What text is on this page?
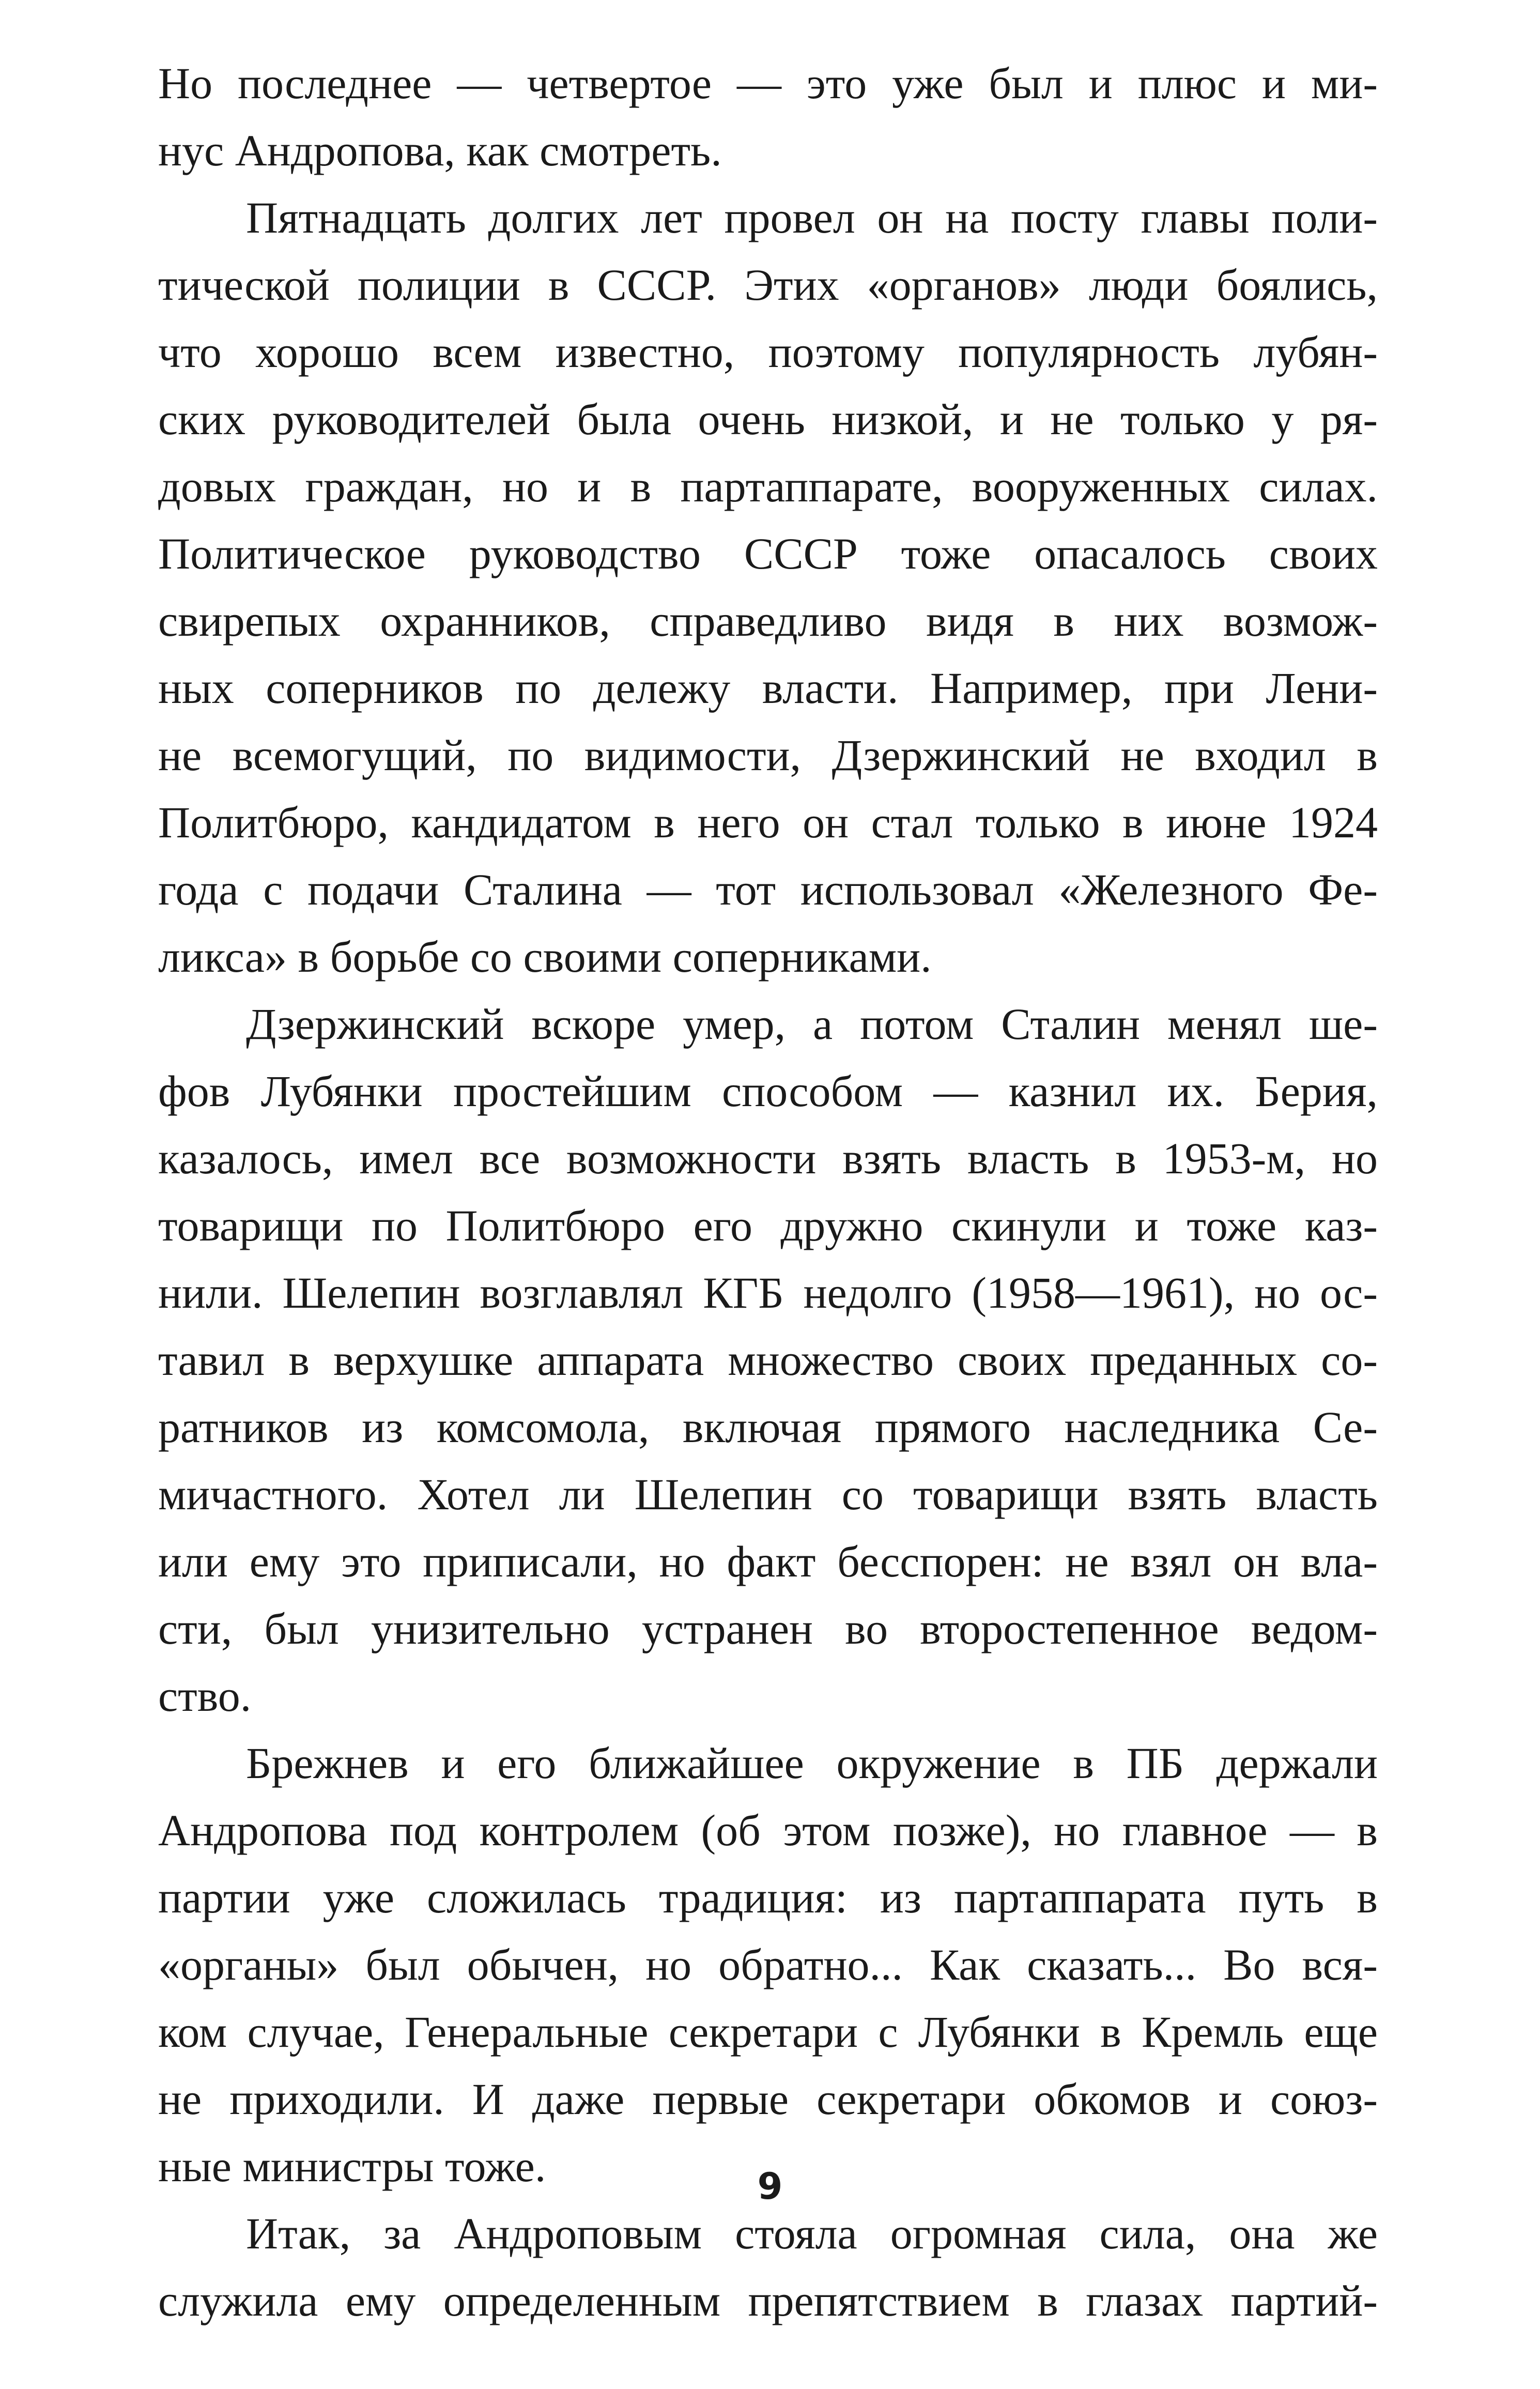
Но последнее — четвертое — это уже был и плюс и ми-
нус Андропова, как смотреть.
Пятнадцать долгих лет провел он на посту главы поли-
тической полиции в СССР. Этих «органов» люди боялись,
что хорошо всем известно, поэтому популярность лубян-
ских руководителей была очень низкой, и не только у ря-
довых граждан, но и в партаппарате, вооруженных силах.
Политическое руководство СССР тоже опасалось своих
свирепых охранников, справедливо видя в них возмож-
ных соперников по дележу власти. Например, при Лени-
не всемогущий, по видимости, Дзержинский не входил в
Политбюро, кандидатом в него он стал только в июне 1924
года с подачи Сталина — тот использовал «Железного Фе-
ликса» в борьбе со своими соперниками.
Дзержинский вскоре умер, а потом Сталин менял ше-
фов Лубянки простейшим способом — казнил их. Берия,
казалось, имел все возможности взять власть в 1953-м, но
товарищи по Политбюро его дружно скинули и тоже каз-
нили. Шелепин возглавлял КГБ недолго (1958—1961), но ос-
тавил в верхушке аппарата множество своих преданных со-
ратников из комсомола, включая прямого наследника Се-
мичастного. Хотел ли Шелепин со товарищи взять власть
или ему это приписали, но факт бесспорен: не взял он вла-
сти, был унизительно устранен во второстепенное ведом-
ство.
Брежнев и его ближайшее окружение в ПБ держали
Андропова под контролем (об этом позже), но главное — в
партии уже сложилась традиция: из партаппарата путь в
«органы» был обычен, но обратно... Как сказать... Во вся-
ком случае, Генеральные секретари с Лубянки в Кремль еще
не приходили. И даже первые секретари обкомов и союз-
ные министры тоже.
Итак, за Андроповым стояла огромная сила, она же
служила ему определенным препятствием в глазах партий-
9
